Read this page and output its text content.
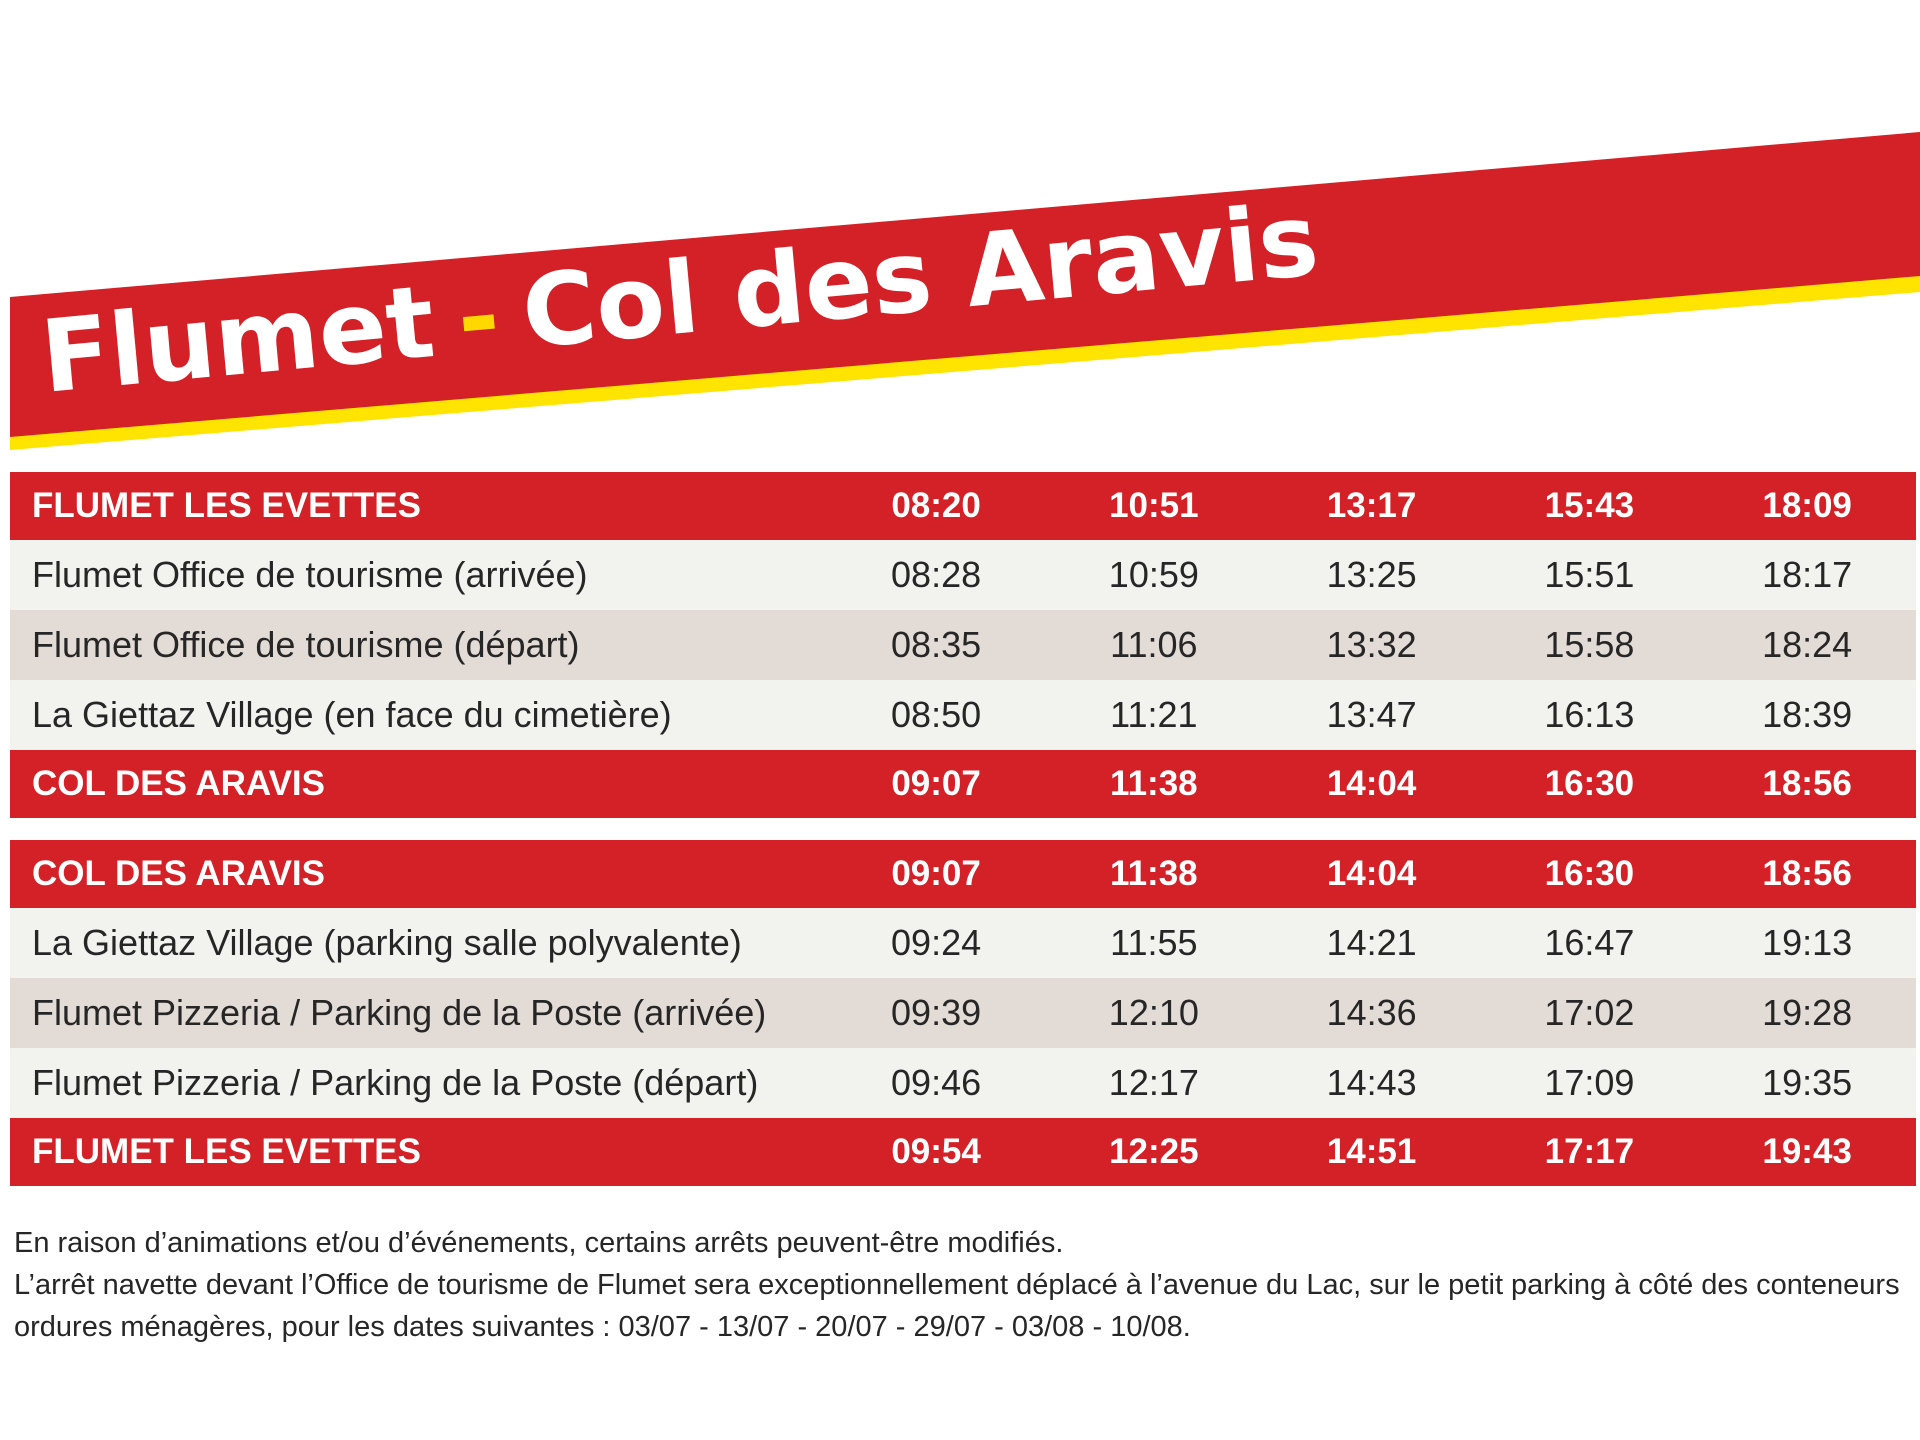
Flumet - Col des Aravis
FLUMET LES EVETTES	08:20	10:51	13:17	15:43	18:09
Flumet Office de tourisme (arrivée)	08:28	10:59	13:25	15:51	18:17
Flumet Office de tourisme (départ)	08:35	11:06	13:32	15:58	18:24
La Giettaz Village (en face du cimetière)	08:50	11:21	13:47	16:13	18:39
COL DES ARAVIS	09:07	11:38	14:04	16:30	18:56
COL DES ARAVIS	09:07	11:38	14:04	16:30	18:56
La Giettaz Village (parking salle polyvalente)	09:24	11:55	14:21	16:47	19:13
Flumet Pizzeria / Parking de la Poste (arrivée)	09:39	12:10	14:36	17:02	19:28
Flumet Pizzeria / Parking de la Poste (départ)	09:46	12:17	14:43	17:09	19:35
FLUMET LES EVETTES	09:54	12:25	14:51	17:17	19:43

En raison d’animations et/ou d’événements, certains arrêts peuvent-être modifiés.

L’arrêt navette devant l’Office de tourisme de Flumet sera exceptionnellement déplacé à l’avenue du Lac, sur le petit parking à côté des conteneurs ordures ménagères, pour les dates suivantes : 03/07 - 13/07 - 20/07 - 29/07 - 03/08 - 10/08.
